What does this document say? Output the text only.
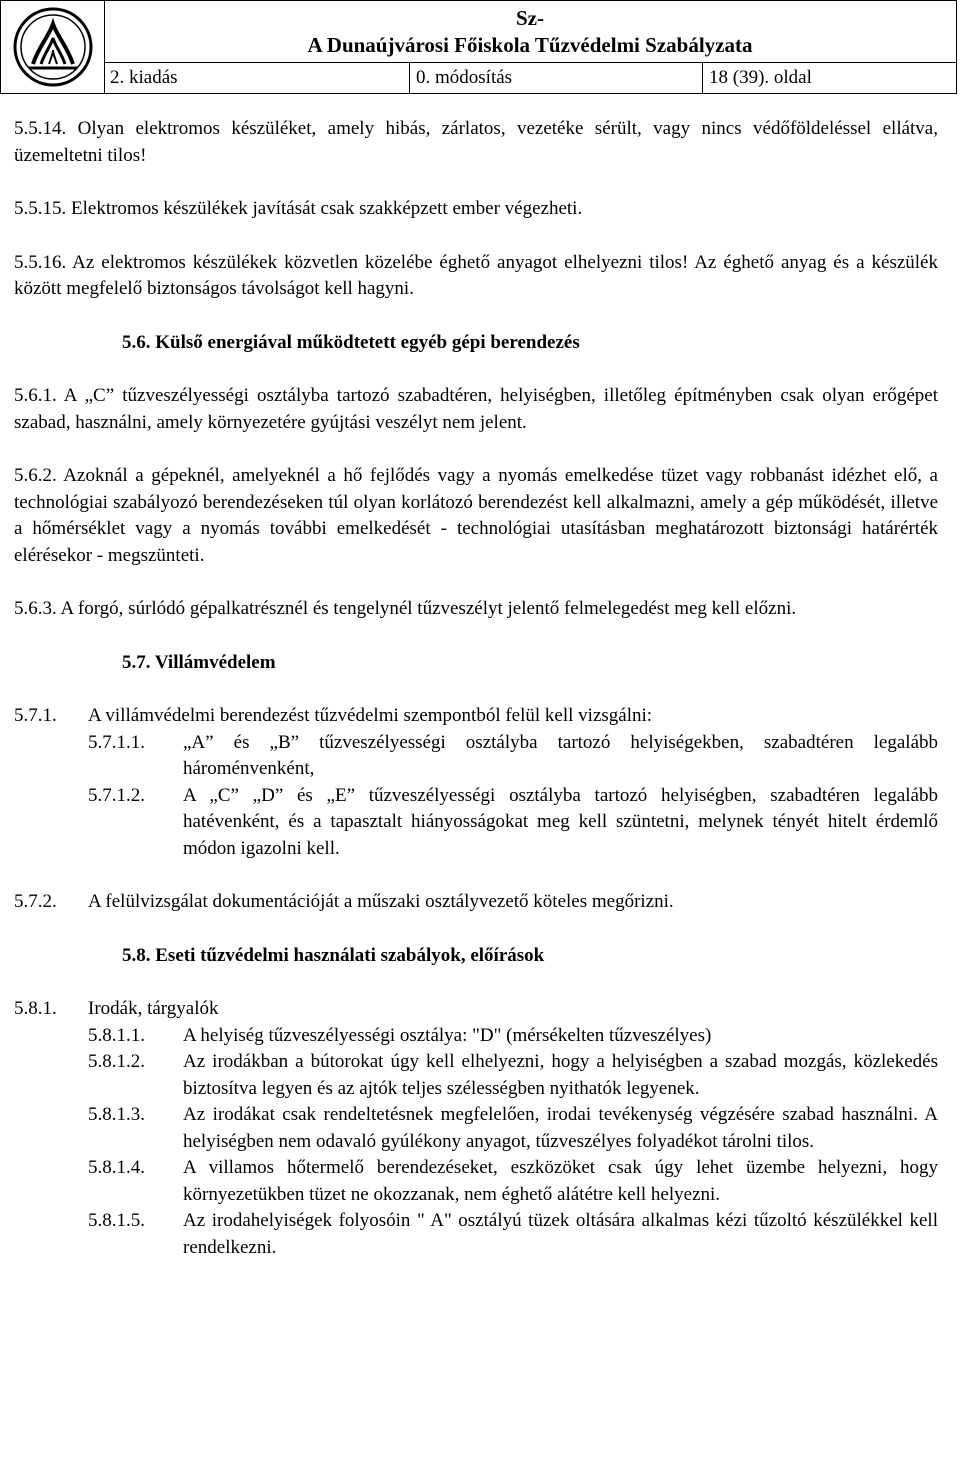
Sz-
A Dunaújvárosi Főiskola Tűzvédelmi Szabályzata
2. kiadás	0. módosítás	18 (39). oldal

5.5.14. Olyan elektromos készüléket, amely hibás, zárlatos, vezetéke sérült, vagy nincs védőföldeléssel ellátva, üzemeltetni tilos!

5.5.15. Elektromos készülékek javítását csak szakképzett ember végezheti.

5.5.16. Az elektromos készülékek közvetlen közelébe éghető anyagot elhelyezni tilos! Az éghető anyag és a készülék között megfelelő biztonságos távolságot kell hagyni.

5.6. Külső energiával működtetett egyéb gépi berendezés

5.6.1. A „C” tűzveszélyességi osztályba tartozó szabadtéren, helyiségben, illetőleg építményben csak olyan erőgépet szabad, használni, amely környezetére gyújtási veszélyt nem jelent.

5.6.2. Azoknál a gépeknél, amelyeknél a hő fejlődés vagy a nyomás emelkedése tüzet vagy robbanást idézhet elő, a technológiai szabályozó berendezéseken túl olyan korlátozó berendezést kell alkalmazni, amely a gép működését, illetve a hőmérséklet vagy a nyomás további emelkedését - technológiai utasításban meghatározott biztonsági határérték elérésekor - megszünteti.

5.6.3. A forgó, súrlódó gépalkatrésznél és tengelynél tűzveszélyt jelentő felmelegedést meg kell előzni.

5.7. Villámvédelem

5.7.1.	A villámvédelmi berendezést tűzvédelmi szempontból felül kell vizsgálni:
5.7.1.1.	„A” és „B” tűzveszélyességi osztályba tartozó helyiségekben, szabadtéren legalább hároménvenként,
5.7.1.2.	A „C” „D” és „E” tűzveszélyességi osztályba tartozó helyiségben, szabadtéren legalább hatévenként, és a tapasztalt hiányosságokat meg kell szüntetni, melynek tényét hitelt érdemlő módon igazolni kell.
5.7.2.	A felülvizsgálat dokumentációját a műszaki osztályvezető köteles megőrizni.

5.8. Eseti tűzvédelmi használati szabályok, előírások

5.8.1.	Irodák, tárgyalók
5.8.1.1.	A helyiség tűzveszélyességi osztálya: "D" (mérsékelten tűzveszélyes)
5.8.1.2.	Az irodákban a bútorokat úgy kell elhelyezni, hogy a helyiségben a szabad mozgás, közlekedés biztosítva legyen és az ajtók teljes szélességben nyithatók legyenek.
5.8.1.3.	Az irodákat csak rendeltetésnek megfelelően, irodai tevékenység végzésére szabad használni. A helyiségben nem odavaló gyúlékony anyagot, tűzveszélyes folyadékot tárolni tilos.
5.8.1.4.	A villamos hőtermelő berendezéseket, eszközöket csak úgy lehet üzembe helyezni, hogy környezetükben tüzet ne okozzanak, nem éghető alátétre kell helyezni.
5.8.1.5.	Az irodahelyiségek folyosóin " A" osztályú tüzek oltására alkalmas kézi tűzoltó készülékkel kell rendelkezni.
